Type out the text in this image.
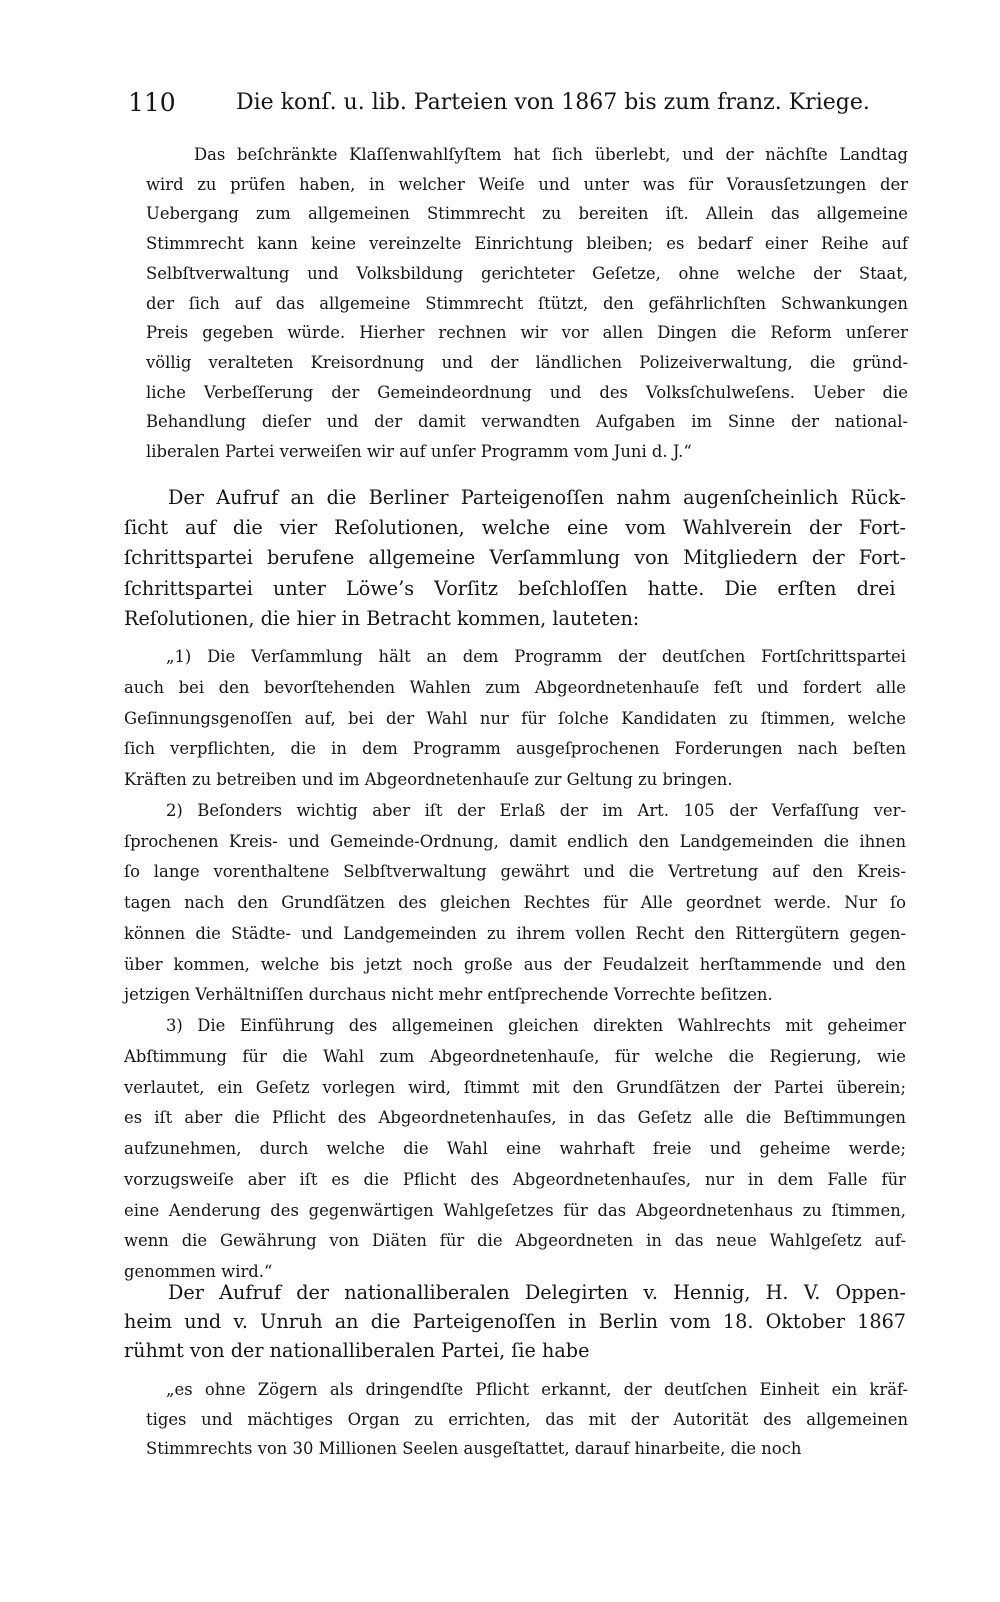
110	Die konſ. u. lib. Parteien von 1867 bis zum franz. Kriege.
Das beſchränkte Klaſſenwahlſyſtem hat ſich überlebt, und der nächſte Landtag
wird zu prüfen haben, in welcher Weiſe und unter was für Vorausſetzungen der
Uebergang zum allgemeinen Stimmrecht zu bereiten iſt. Allein das allgemeine
Stimmrecht kann keine vereinzelte Einrichtung bleiben; es bedarf einer Reihe auf
Selbſtverwaltung und Volksbildung gerichteter Geſetze, ohne welche der Staat,
der ſich auf das allgemeine Stimmrecht ſtützt, den gefährlichſten Schwankungen
Preis gegeben würde. Hierher rechnen wir vor allen Dingen die Reform unſerer
völlig veralteten Kreisordnung und der ländlichen Polizeiverwaltung, die gründ-
liche Verbeſſerung der Gemeindeordnung und des Volksſchulweſens. Ueber die
Behandlung dieſer und der damit verwandten Aufgaben im Sinne der national-
liberalen Partei verweiſen wir auf unſer Programm vom Juni d. J.“
Der Aufruf an die Berliner Parteigenoſſen nahm augenſcheinlich Rück-
ſicht auf die vier Reſolutionen, welche eine vom Wahlverein der Fort-
ſchrittspartei berufene allgemeine Verſammlung von Mitgliedern der Fort-
ſchrittspartei unter Löwe’s Vorſitz beſchloſſen hatte. Die erſten drei
Reſolutionen, die hier in Betracht kommen, lauteten:
„1) Die Verſammlung hält an dem Programm der deutſchen Fortſchrittspartei
auch bei den bevorſtehenden Wahlen zum Abgeordnetenhauſe feſt und fordert alle
Geſinnungsgenoſſen auf, bei der Wahl nur für ſolche Kandidaten zu ſtimmen, welche
ſich verpflichten, die in dem Programm ausgeſprochenen Forderungen nach beſten
Kräften zu betreiben und im Abgeordnetenhauſe zur Geltung zu bringen.
2) Beſonders wichtig aber iſt der Erlaß der im Art. 105 der Verfaſſung ver-
ſprochenen Kreis- und Gemeinde-Ordnung, damit endlich den Landgemeinden die ihnen
ſo lange vorenthaltene Selbſtverwaltung gewährt und die Vertretung auf den Kreis-
tagen nach den Grundſätzen des gleichen Rechtes für Alle geordnet werde. Nur ſo
können die Städte- und Landgemeinden zu ihrem vollen Recht den Rittergütern gegen-
über kommen, welche bis jetzt noch große aus der Feudalzeit herſtammende und den
jetzigen Verhältniſſen durchaus nicht mehr entſprechende Vorrechte beſitzen.
3) Die Einführung des allgemeinen gleichen direkten Wahlrechts mit geheimer
Abſtimmung für die Wahl zum Abgeordnetenhauſe, für welche die Regierung, wie
verlautet, ein Geſetz vorlegen wird, ſtimmt mit den Grundſätzen der Partei überein;
es iſt aber die Pflicht des Abgeordnetenhauſes, in das Geſetz alle die Beſtimmungen
aufzunehmen, durch welche die Wahl eine wahrhaft freie und geheime werde;
vorzugsweiſe aber iſt es die Pflicht des Abgeordnetenhauſes, nur in dem Falle für
eine Aenderung des gegenwärtigen Wahlgeſetzes für das Abgeordnetenhaus zu ſtimmen,
wenn die Gewährung von Diäten für die Abgeordneten in das neue Wahlgeſetz auf-
genommen wird.“
Der Aufruf der nationalliberalen Delegirten v. Hennig, H. V. Oppen-
heim und v. Unruh an die Parteigenoſſen in Berlin vom 18. Oktober 1867
rühmt von der nationalliberalen Partei, ſie habe
„es ohne Zögern als dringendſte Pflicht erkannt, der deutſchen Einheit ein kräf-
tiges und mächtiges Organ zu errichten, das mit der Autorität des allgemeinen
Stimmrechts von 30 Millionen Seelen ausgeſtattet, darauf hinarbeite, die noch
